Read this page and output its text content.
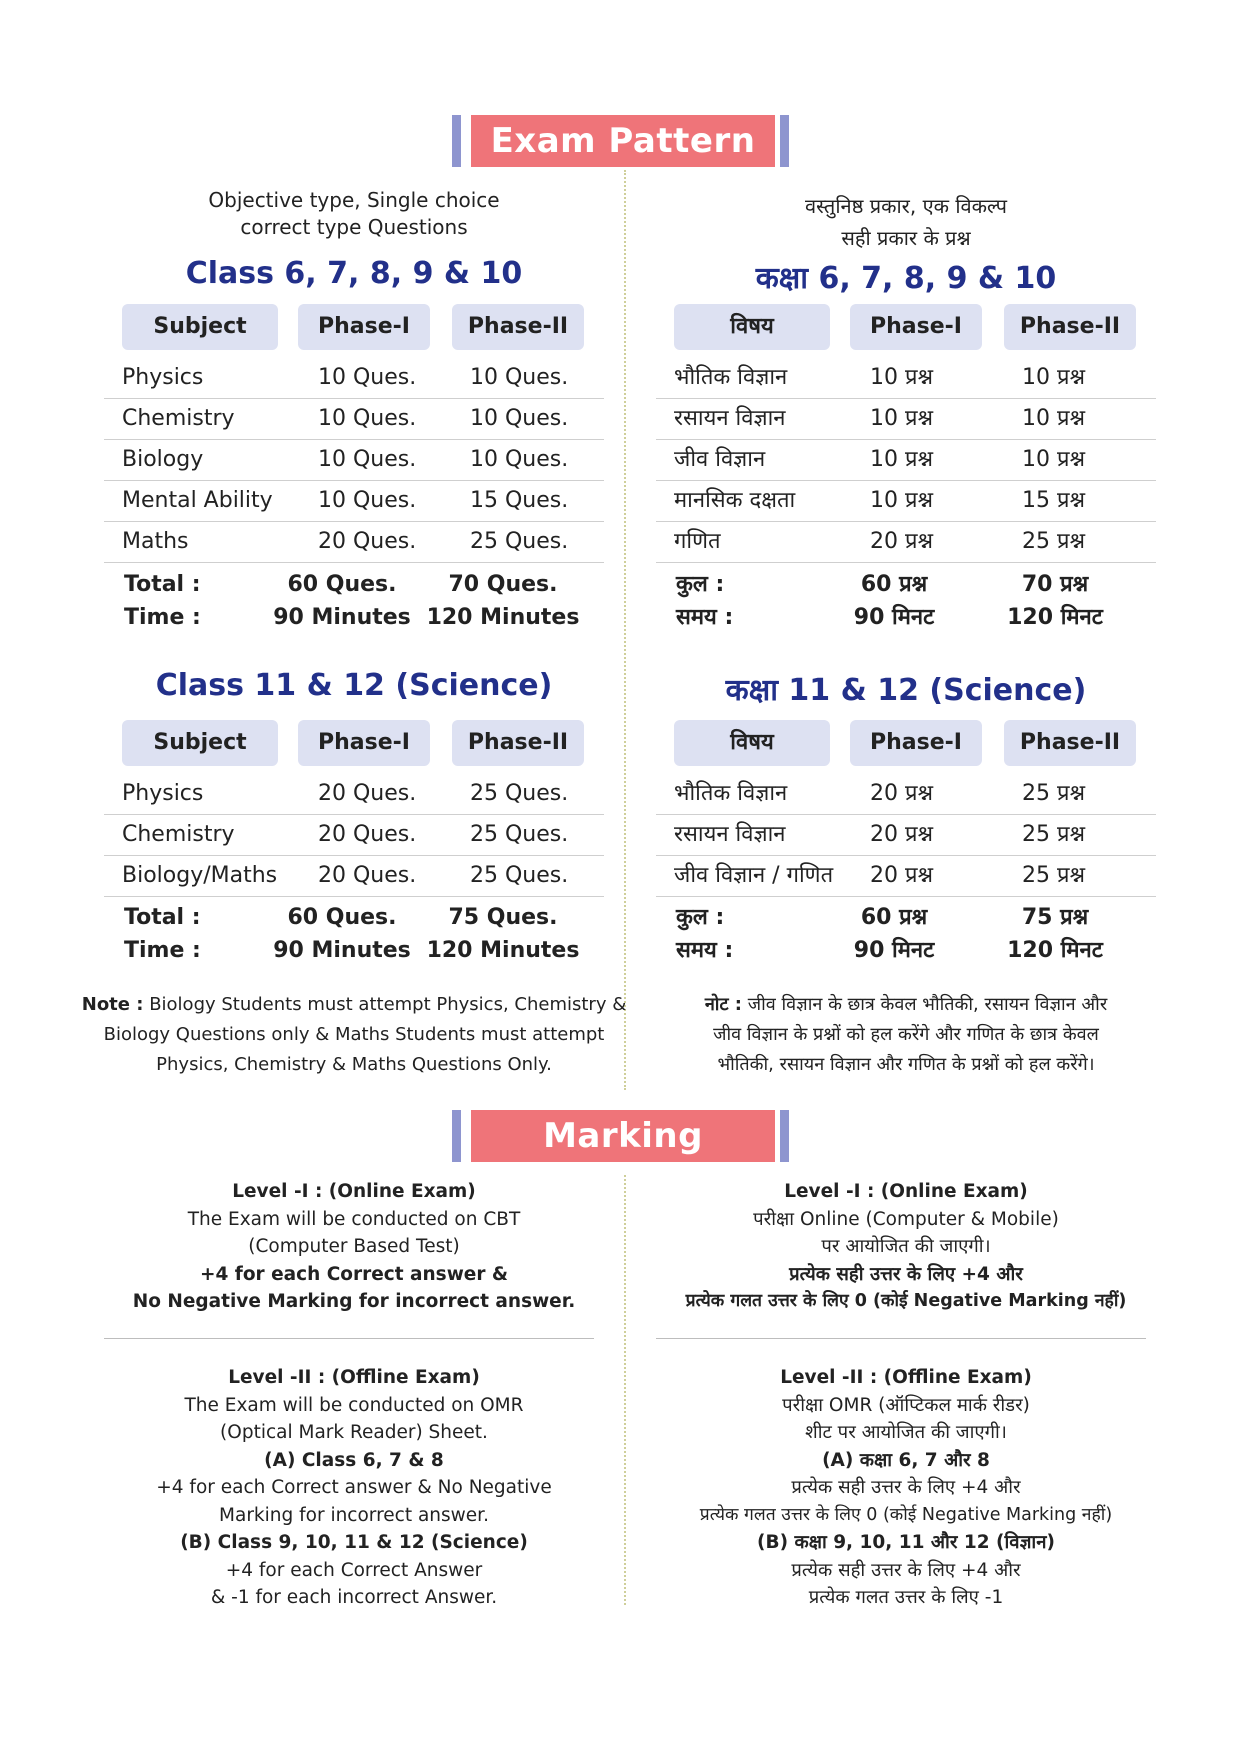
Exam Pattern
Objective type, Single choice
correct type Questions
Class 6, 7, 8, 9 & 10
Subject	Phase-I	Phase-II
Physics	10 Ques. 10 Ques.
Chemistry	10 Ques. 10 Ques.
Biology	10 Ques. 10 Ques.
Mental Ability 10 Ques. 15 Ques.
Maths	20 Ques. 25 Ques.
Total :	60 Ques.	70 Ques.
Time :	90 Minutes 120 Minutes
Class 11 & 12 (Science)
Subject	Phase-I	Phase-II
Physics	20 Ques. 25 Ques.
Chemistry	20 Ques. 25 Ques.
Biology/Maths 20 Ques. 25 Ques.
Total :	60 Ques.	75 Ques.
Time :	90 Minutes 120 Minutes
Note : Biology Students must attempt Physics, Chemistry &
Biology Questions only & Maths Students must attempt
Physics, Chemistry & Maths Questions Only.
वस्तुनिष्ठ प्रकार, एक विकल्प
सही प्रकार के प्रश्न
कक्षा 6, 7, 8, 9 & 10
विषय	Phase-I	Phase-II
भौतिक विज्ञान	10 प्रश्न	10 प्रश्न
रसायन विज्ञान	10 प्रश्न	10 प्रश्न
जीव विज्ञान	10 प्रश्न	10 प्रश्न
मानसिक दक्षता	10 प्रश्न	15 प्रश्न
गणित	20 प्रश्न	25 प्रश्न
कुल :	60 प्रश्न	70 प्रश्न
समय :	90 मिनट	120 मिनट
कक्षा 11 & 12 (Science)
विषय	Phase-I	Phase-II
भौतिक विज्ञान	20 प्रश्न	25 प्रश्न
रसायन विज्ञान	20 प्रश्न	25 प्रश्न
जीव विज्ञान / गणित 20 प्रश्न	25 प्रश्न
कुल :	60 प्रश्न	75 प्रश्न
समय :	90 मिनट	120 मिनट
नोट : जीव विज्ञान के छात्र केवल भौतिकी, रसायन विज्ञान और
जीव विज्ञान के प्रश्नों को हल करेंगे और गणित के छात्र केवल
भौतिकी, रसायन विज्ञान और गणित के प्रश्नों को हल करेंगे।
Marking Scheme
Level -I : (Online Exam)
The Exam will be conducted on CBT
(Computer Based Test)
+4 for each Correct answer &
No Negative Marking for incorrect answer.
Level -I : (Online Exam)
परीक्षा Online (Computer & Mobile)
पर आयोजित की जाएगी।
प्रत्येक सही उत्तर के लिए +4 और
प्रत्येक गलत उत्तर के लिए 0 (कोई Negative Marking नहीं)
Level -II : (Offline Exam)
The Exam will be conducted on OMR
(Optical Mark Reader) Sheet.
(A) Class 6, 7 & 8
+4 for each Correct answer & No Negative
Marking for incorrect answer.
(B) Class 9, 10, 11 & 12 (Science)
+4 for each Correct Answer
& -1 for each incorrect Answer.
Level -II : (Offline Exam)
परीक्षा OMR (ऑप्टिकल मार्क रीडर)
शीट पर आयोजित की जाएगी।
(A) कक्षा 6, 7 और 8
प्रत्येक सही उत्तर के लिए +4 और
प्रत्येक गलत उत्तर के लिए 0 (कोई Negative Marking नहीं)
(B) कक्षा 9, 10, 11 और 12 (विज्ञान)
प्रत्येक सही उत्तर के लिए +4 और
प्रत्येक गलत उत्तर के लिए -1
